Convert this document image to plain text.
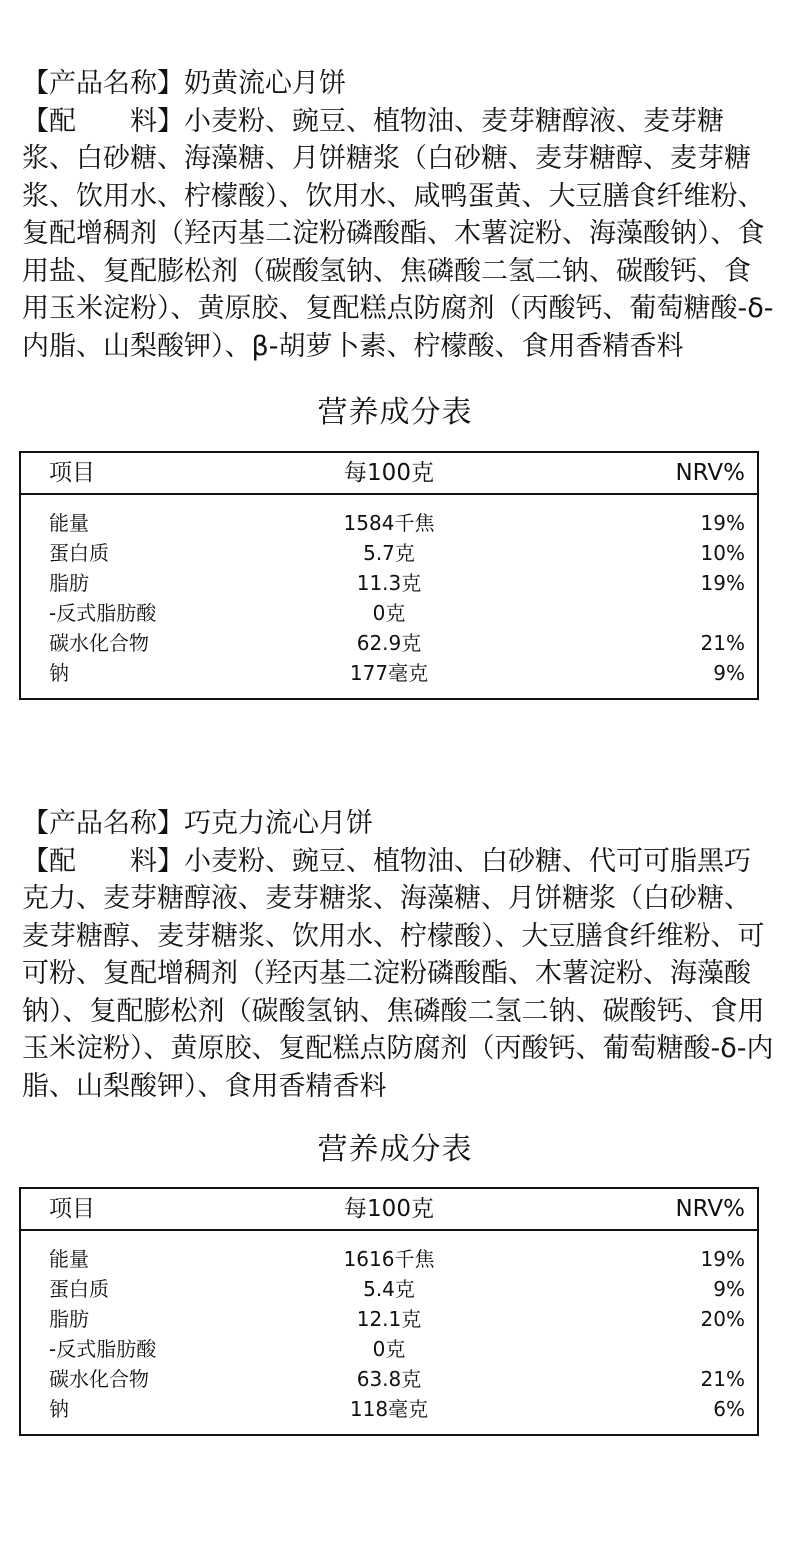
【产品名称】奶黄流心月饼

【配　　料】小麦粉、豌豆、植物油、麦芽糖醇液、麦芽糖浆、白砂糖、海藻糖、月饼糖浆（白砂糖、麦芽糖醇、麦芽糖浆、饮用水、柠檬酸）、饮用水、咸鸭蛋黄、大豆膳食纤维粉、复配增稠剂（羟丙基二淀粉磷酸酯、木薯淀粉、海藻酸钠）、食用盐、复配膨松剂（碳酸氢钠、焦磷酸二氢二钠、碳酸钙、食用玉米淀粉）、黄原胶、复配糕点防腐剂（丙酸钙、葡萄糖酸-δ-内脂、山梨酸钾）、β-胡萝卜素、柠檬酸、食用香精香料

营养成分表
项目	每100克	NRV%
能量	1584千焦	19%
蛋白质	5.7克	10%
脂肪	11.3克	19%
-反式脂肪酸	0克
碳水化合物	62.9克	21%
钠	177毫克	9%

【产品名称】巧克力流心月饼

【配　　料】小麦粉、豌豆、植物油、白砂糖、代可可脂黑巧克力、麦芽糖醇液、麦芽糖浆、海藻糖、月饼糖浆（白砂糖、麦芽糖醇、麦芽糖浆、饮用水、柠檬酸）、大豆膳食纤维粉、可可粉、复配增稠剂（羟丙基二淀粉磷酸酯、木薯淀粉、海藻酸钠）、复配膨松剂（碳酸氢钠、焦磷酸二氢二钠、碳酸钙、食用玉米淀粉）、黄原胶、复配糕点防腐剂（丙酸钙、葡萄糖酸-δ-内脂、山梨酸钾）、食用香精香料

营养成分表
项目	每100克	NRV%
能量	1616千焦	19%
蛋白质	5.4克	9%
脂肪	12.1克	20%
-反式脂肪酸	0克
碳水化合物	63.8克	21%
钠	118毫克	6%
